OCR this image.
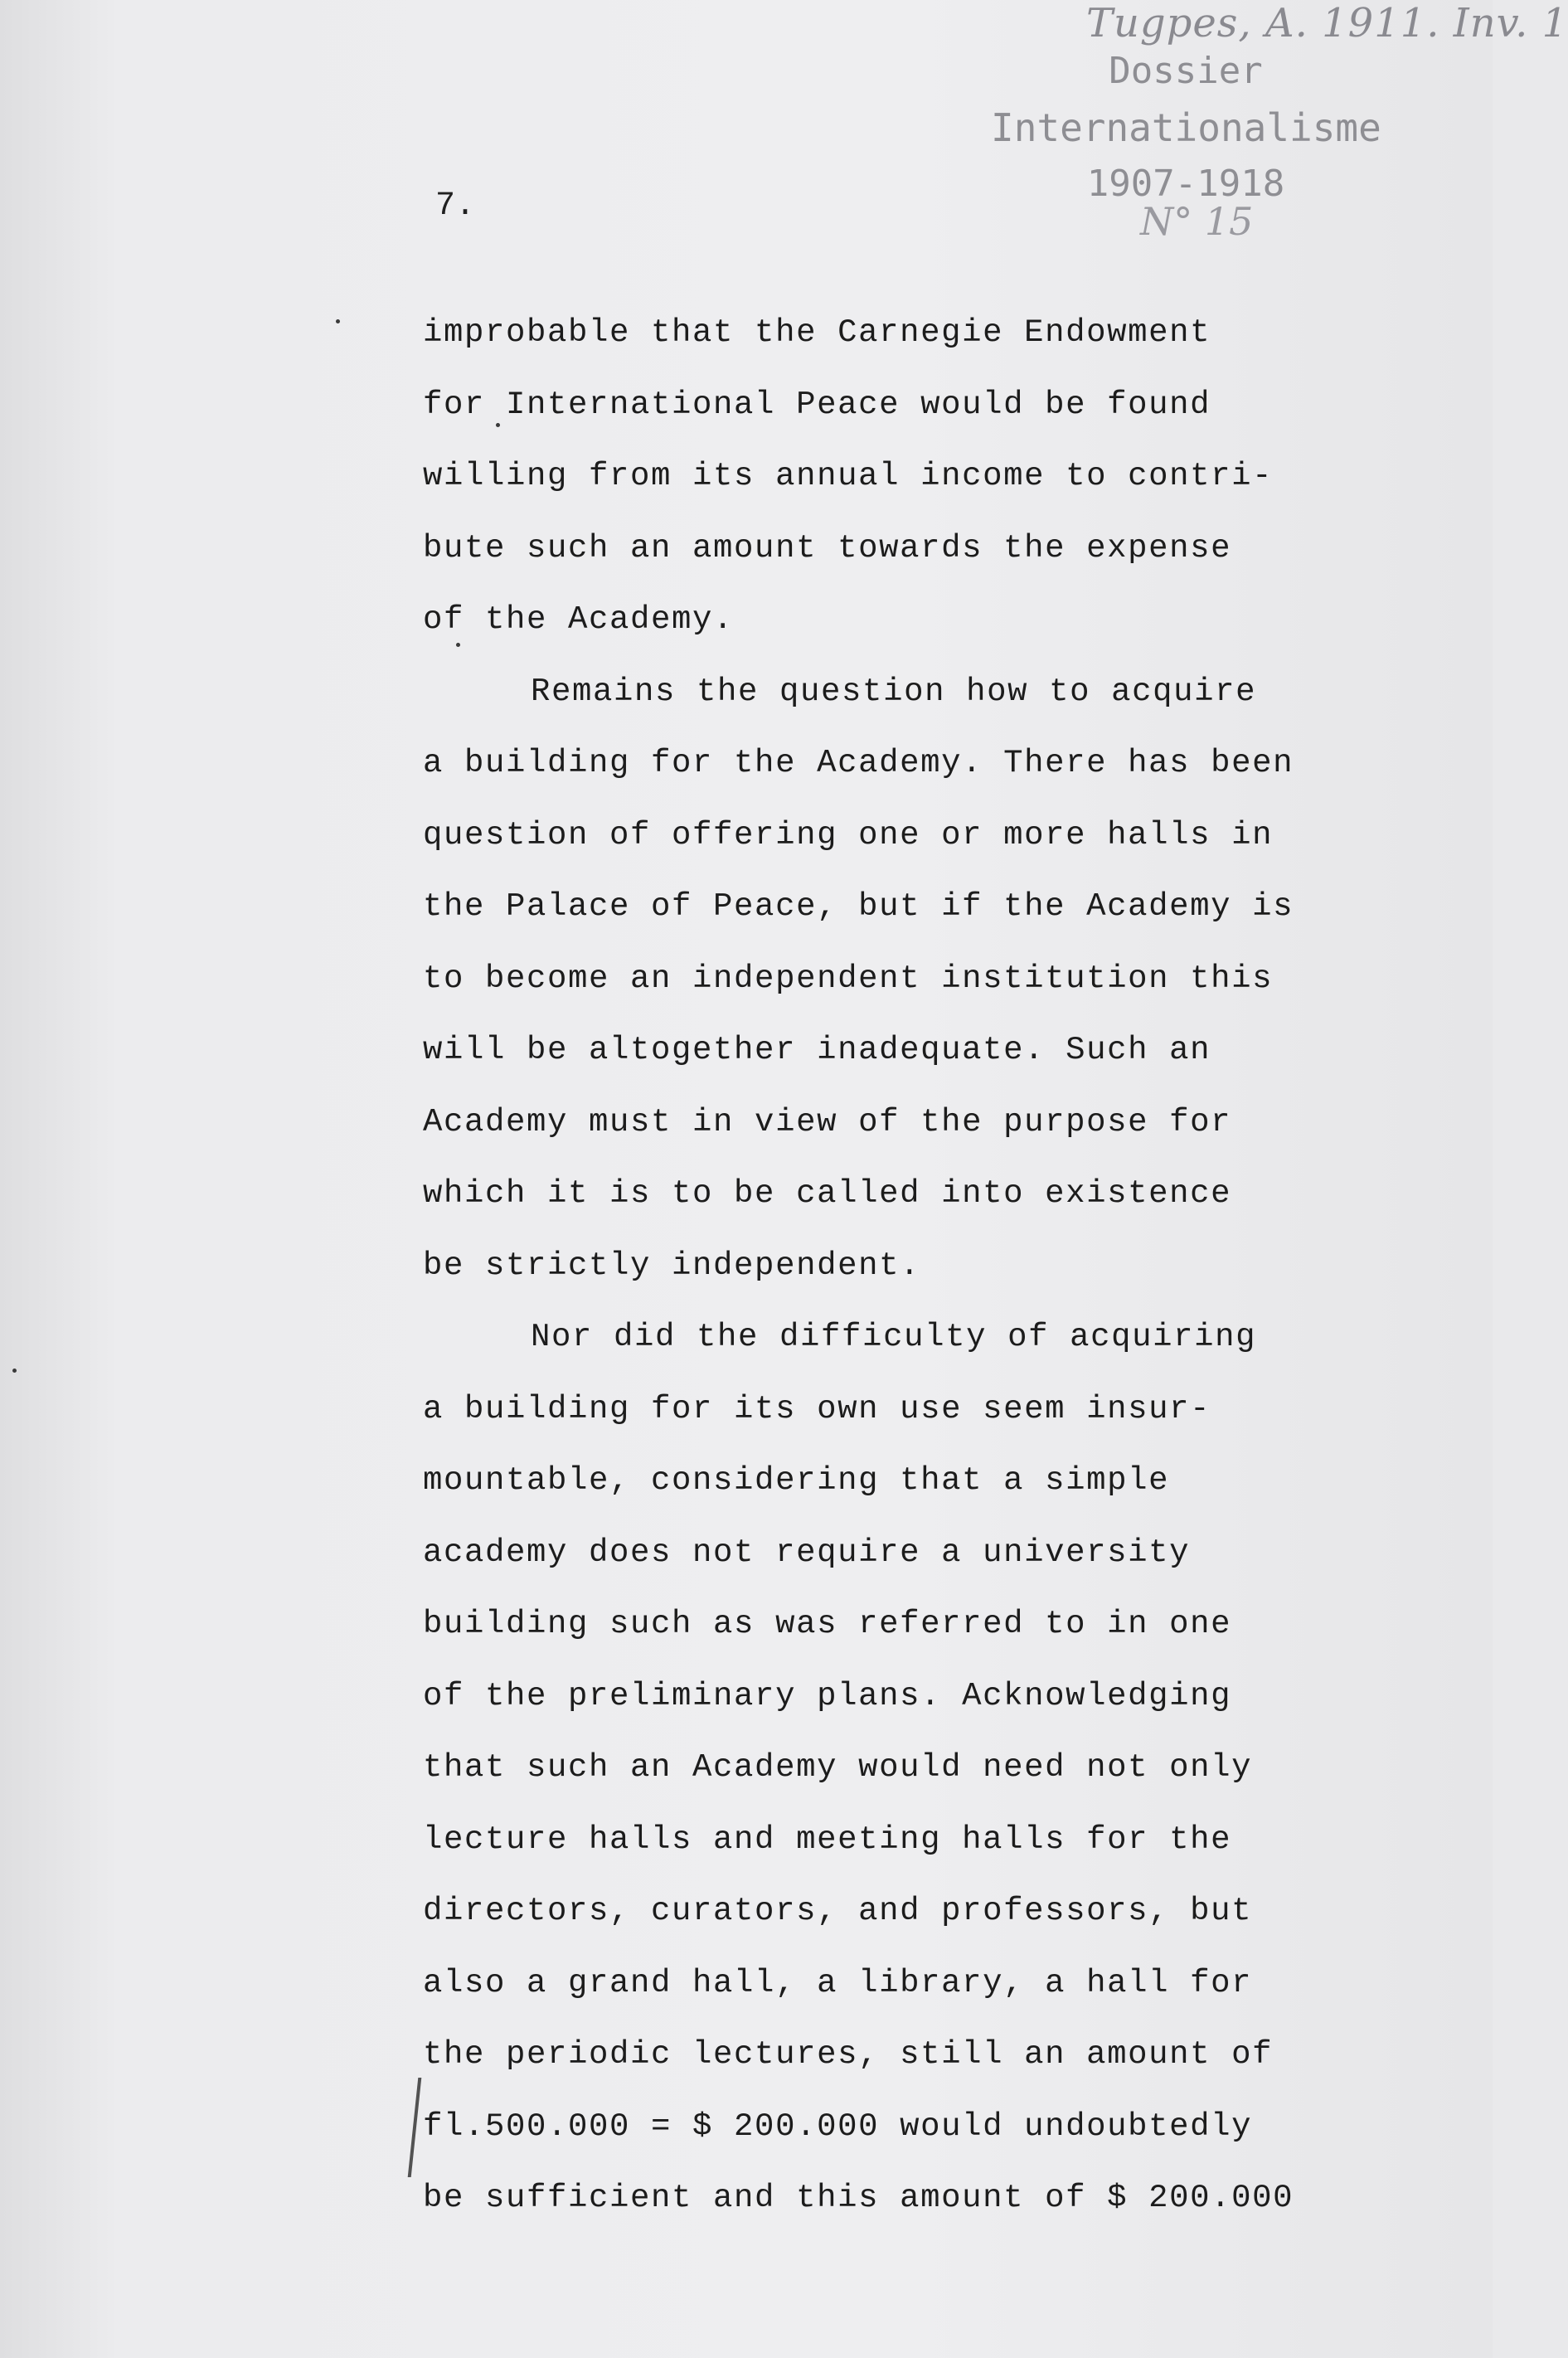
Tugpes, A. 1911. Inv. 1
Dossier
Internationalisme
1907-1918
N° 15
7.
improbable that the Carnegie Endowment
for International Peace would be found
willing from its annual income to contri-
bute such an amount towards the expense
of the Academy.
Remains the question how to acquire
a building for the Academy. There has been
question of offering one or more halls in
the Palace of Peace, but if the Academy is
to become an independent institution this
will be altogether inadequate. Such an
Academy must in view of the purpose for
which it is to be called into existence
be strictly independent.
Nor did the difficulty of acquiring
a building for its own use seem insur-
mountable, considering that a simple
academy does not require a university
building such as was referred to in one
of the preliminary plans. Acknowledging
that such an Academy would need not only
lecture halls and meeting halls for the
directors, curators, and professors, but
also a grand hall, a library, a hall for
the periodic lectures, still an amount of
fl.500.000 = $ 200.000 would undoubtedly
be sufficient and this amount of $ 200.000
